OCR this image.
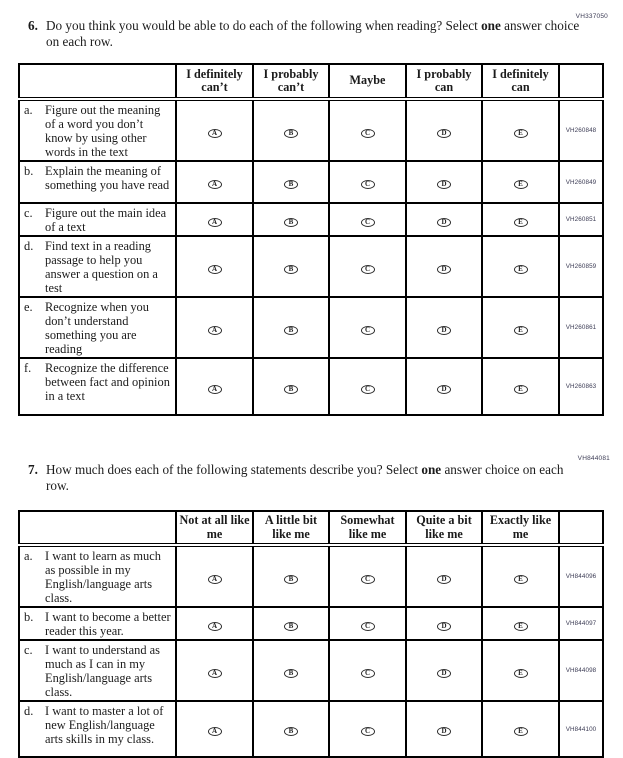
VH337050
6. Do you think you would be able to do each of the following when reading? Select one answer choice on each row.
	I definitely can’t	I probably can’t	Maybe	I probably can	I definitely can	

a. Figure out the meaning of a word you don’t know by using other words in the text	A	B	C	D	E	VH260848

b. Explain the meaning of something you have read	A	B	C	D	E	VH260849

c. Figure out the main idea of a text	A	B	C	D	E	VH260851

d. Find text in a reading passage to help you answer a question on a test	A	B	C	D	E	VH260859

e. Recognize when you don’t understand something you are reading	A	B	C	D	E	VH260861

f. Recognize the difference between fact and opinion in a text	A	B	C	D	E	VH260863
VH844081
7. How much does each of the following statements describe you? Select one answer choice on each row.
	Not at all like me	A little bit like me	Somewhat like me	Quite a bit like me	Exactly like me	

a. I want to learn as much as possible in my English/language arts class.	A	B	C	D	E	VH844096

b. I want to become a better reader this year.	A	B	C	D	E	VH844097

c. I want to understand as much as I can in my English/language arts class.	A	B	C	D	E	VH844098

d. I want to master a lot of new English/language arts skills in my class.	A	B	C	D	E	VH844100
